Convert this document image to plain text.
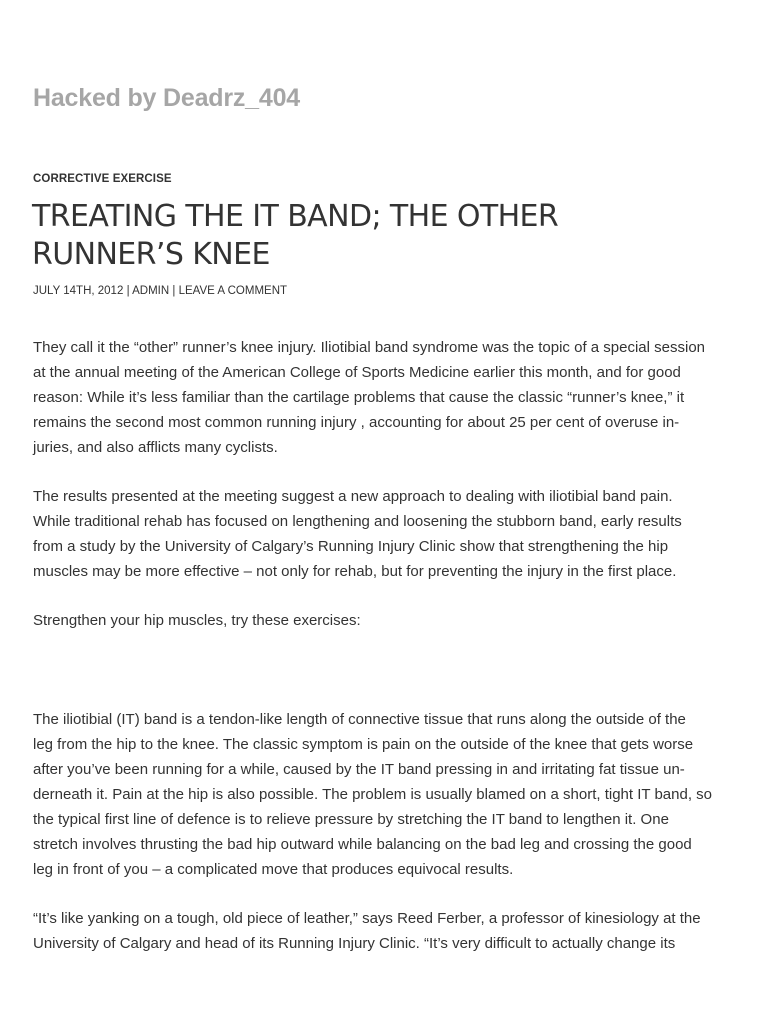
Hacked by Deadrz_404
CORRECTIVE EXERCISE
TREATING THE IT BAND; THE OTHER
RUNNER’S KNEE
JULY 14TH, 2012 | ADMIN | LEAVE A COMMENT

They call it the “other” runner’s knee injury. Iliotibial band syndrome was the topic of a special session
at the annual meeting of the American College of Sports Medicine earlier this month, and for good
reason: While it’s less familiar than the cartilage problems that cause the classic “runner’s knee,” it
remains the second most common running injury , accounting for about 25 per cent of overuse in-
juries, and also afflicts many cyclists.

The results presented at the meeting suggest a new approach to dealing with iliotibial band pain.
While traditional rehab has focused on lengthening and loosening the stubborn band, early results
from a study by the University of Calgary’s Running Injury Clinic show that strengthening the hip
muscles may be more effective – not only for rehab, but for preventing the injury in the first place.

Strengthen your hip muscles, try these exercises:

The iliotibial (IT) band is a tendon-like length of connective tissue that runs along the outside of the
leg from the hip to the knee. The classic symptom is pain on the outside of the knee that gets worse
after you’ve been running for a while, caused by the IT band pressing in and irritating fat tissue un-
derneath it. Pain at the hip is also possible. The problem is usually blamed on a short, tight IT band, so
the typical first line of defence is to relieve pressure by stretching the IT band to lengthen it. One
stretch involves thrusting the bad hip outward while balancing on the bad leg and crossing the good
leg in front of you – a complicated move that produces equivocal results.

“It’s like yanking on a tough, old piece of leather,” says Reed Ferber, a professor of kinesiology at the
University of Calgary and head of its Running Injury Clinic. “It’s very difficult to actually change its
